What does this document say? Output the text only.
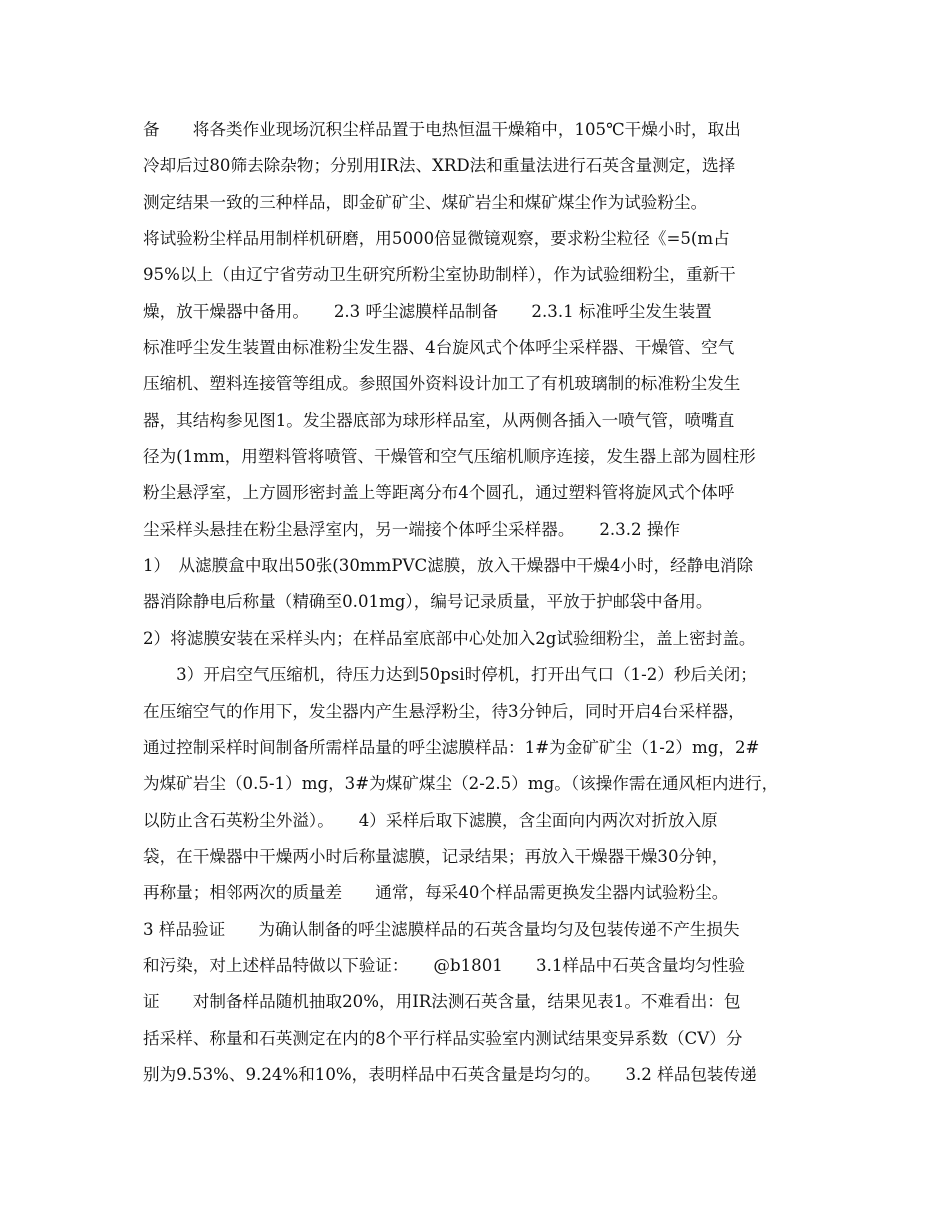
备　　将各类作业现场沉积尘样品置于电热恒温干燥箱中，105℃干燥小时，取出
冷却后过80筛去除杂物；分别用IR法、XRD法和重量法进行石英含量测定，选择
测定结果一致的三种样品，即金矿矿尘、煤矿岩尘和煤矿煤尘作为试验粉尘。
将试验粉尘样品用制样机研磨，用5000倍显微镜观察，要求粉尘粒径《=5(m占
95%以上（由辽宁省劳动卫生研究所粉尘室协助制样），作为试验细粉尘，重新干
燥，放干燥器中备用。　　2.3 呼尘滤膜样品制备　　2.3.1 标准呼尘发生装置
标准呼尘发生装置由标准粉尘发生器、4台旋风式个体呼尘采样器、干燥管、空气
压缩机、塑料连接管等组成。参照国外资料设计加工了有机玻璃制的标准粉尘发生
器，其结构参见图1。发尘器底部为球形样品室，从两侧各插入一喷气管，喷嘴直
径为(1mm，用塑料管将喷管、干燥管和空气压缩机顺序连接，发生器上部为圆柱形
粉尘悬浮室，上方圆形密封盖上等距离分布4个圆孔，通过塑料管将旋风式个体呼
尘采样头悬挂在粉尘悬浮室内，另一端接个体呼尘采样器。　　2.3.2 操作
1）　从滤膜盒中取出50张(30mmPVC滤膜，放入干燥器中干燥4小时，经静电消除
器消除静电后称量（精确至0.01mg），编号记录质量，平放于护邮袋中备用。
2）将滤膜安装在采样头内；在样品室底部中心处加入2g试验细粉尘，盖上密封盖。
　　3）开启空气压缩机，待压力达到50psi时停机，打开出气口（1-2）秒后关闭；
在压缩空气的作用下，发尘器内产生悬浮粉尘，待3分钟后，同时开启4台采样器，
通过控制采样时间制备所需样品量的呼尘滤膜样品：1#为金矿矿尘（1-2）mg，2#
为煤矿岩尘（0.5-1）mg，3#为煤矿煤尘（2-2.5）mg。（该操作需在通风柜内进行，
以防止含石英粉尘外溢）。　　4）采样后取下滤膜，含尘面向内两次对折放入原
袋，在干燥器中干燥两小时后称量滤膜，记录结果；再放入干燥器干燥30分钟，
再称量；相邻两次的质量差　　通常，每采40个样品需更换发尘器内试验粉尘。
3 样品验证　　为确认制备的呼尘滤膜样品的石英含量均匀及包装传递不产生损失
和污染，对上述样品特做以下验证：　　@b1801　　3.1样品中石英含量均匀性验
证　　对制备样品随机抽取20%，用IR法测石英含量，结果见表1。不难看出：包
括采样、称量和石英测定在内的8个平行样品实验室内测试结果变异系数（CV）分
别为9.53%、9.24%和10%，表明样品中石英含量是均匀的。　　3.2 样品包装传递
